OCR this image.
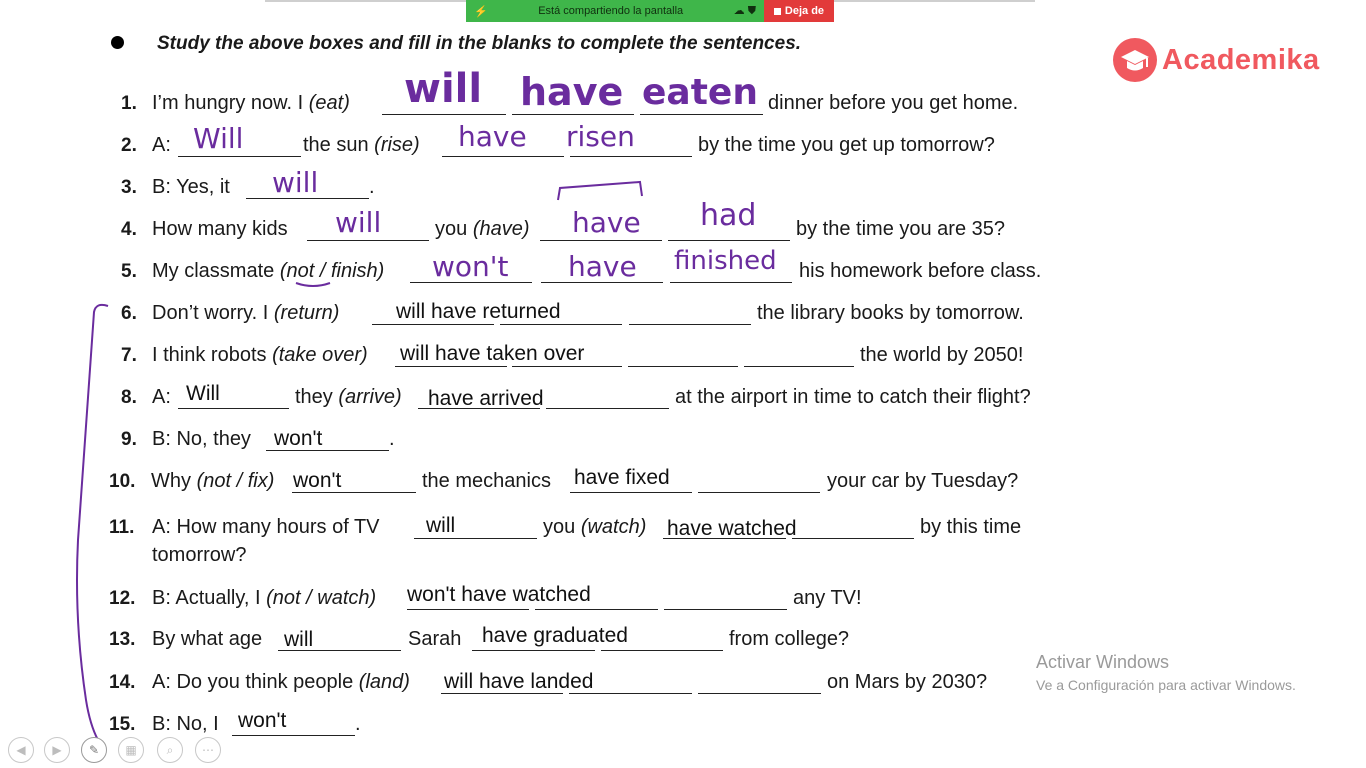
⚡	Está compartiendo la pantalla	☁ ⛊	Deja de
Study the above boxes and fill in the blanks to complete the sentences.	Academika
1. I’m hungry now. I (eat) will have eaten dinner before you get home.
2. A: Will	the sun (rise) have risen	by the time you get up tomorrow?
3. B: Yes, it will	.
4. How many kids will	you (have) have had by the time you are 35?
5. My classmate (not / finish) won't have finished his homework before class.
6. Don’t worry. I (return)	will have returned	the library books by tomorrow.
7. I think robots (take over) will have taken over	the world by 2050!
8. A: Will	they (arrive) have arrived	at the airport in time to catch their flight?
9. B: No, they won't	.
10. Why (not / fix) won't	the mechanics have fixed	your car by Tuesday?
11. A: How many hours of TV will	you (watch) have watched	by this time
tomorrow?
12. B: Actually, I (not / watch) won't have watched	any TV!
13. By what age will	Sarah have graduated	from college?
14. A: Do you think people (land) will have landed	on Mars by 2030?
15. B: No, I won't	.
Activar Windows
Ve a Configuración para activar Windows.
◀	▶	✎	▦	⌕	⋯
